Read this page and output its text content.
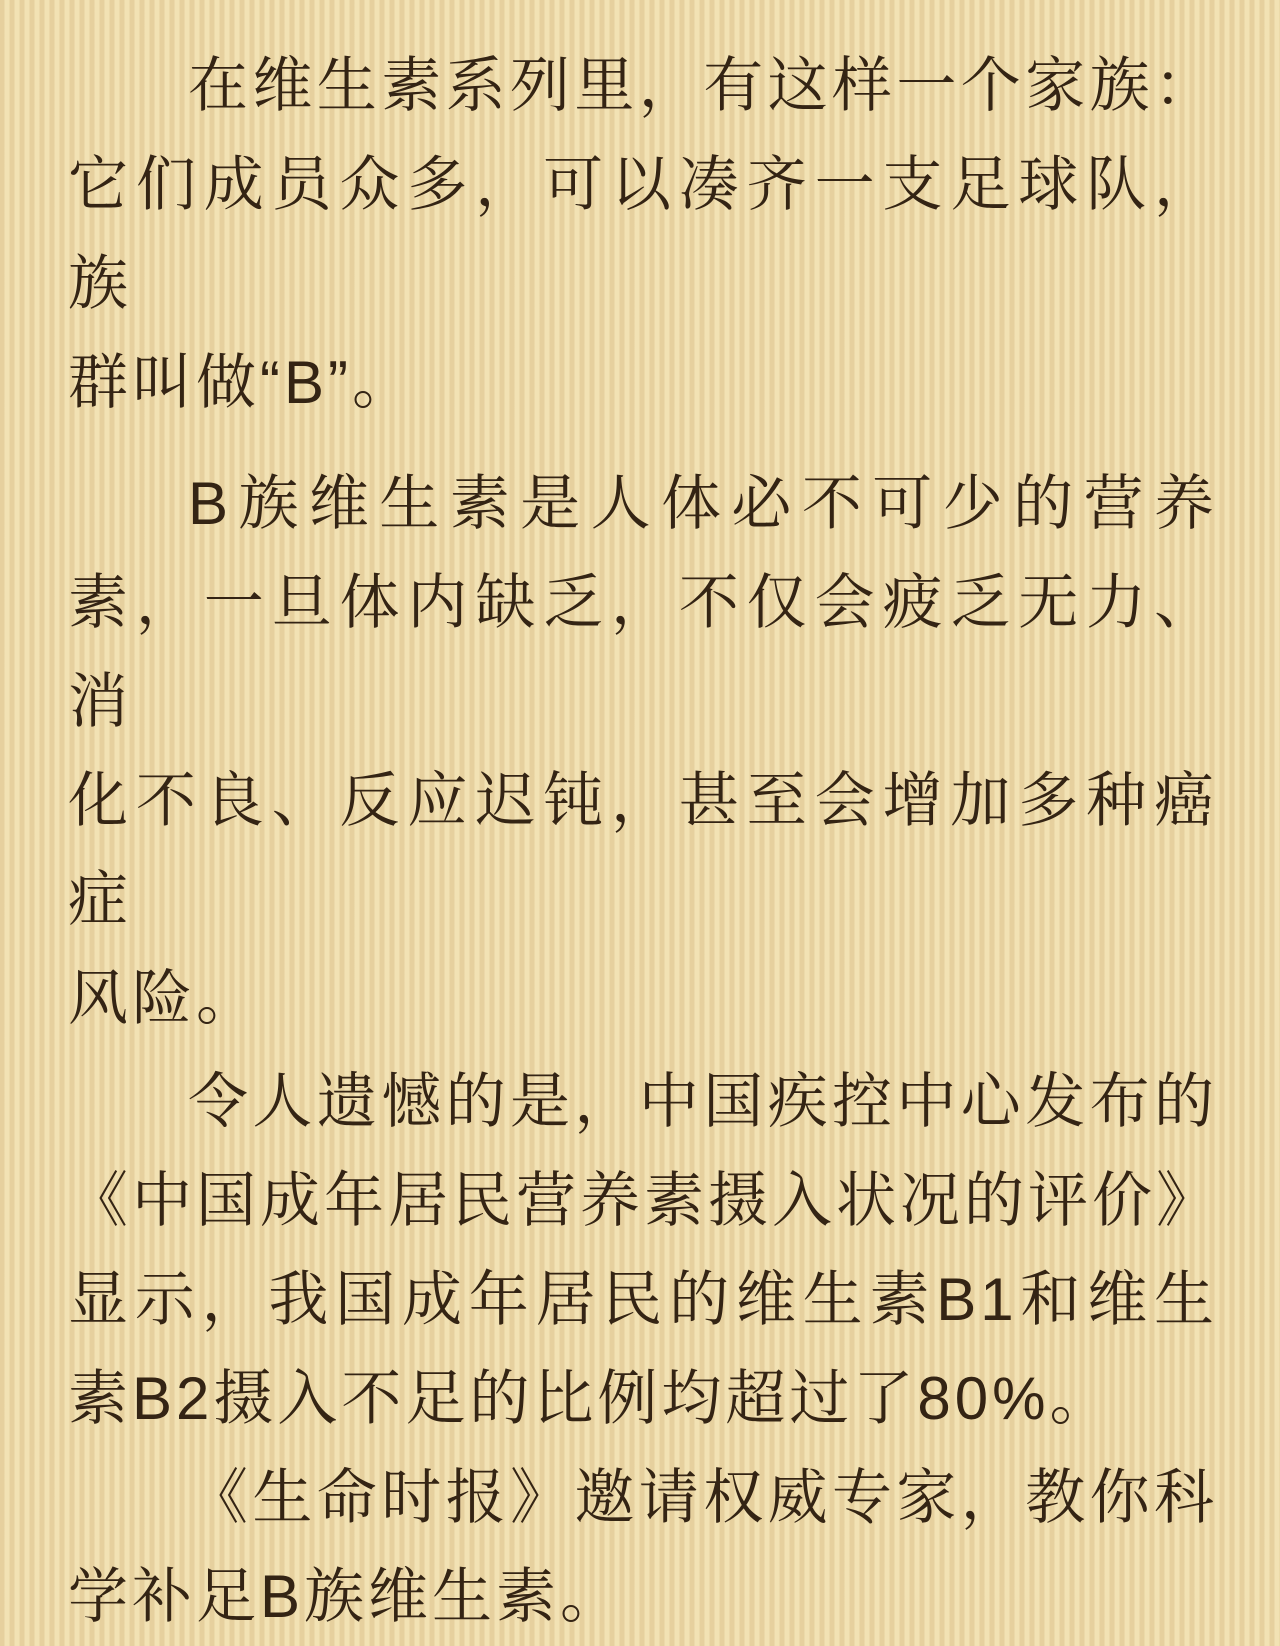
在维生素系列里，有这样一个家族：
它们成员众多，可以凑齐一支足球队，族
群叫做“B”。
B族维生素是人体必不可少的营养
素，一旦体内缺乏，不仅会疲乏无力、消
化不良、反应迟钝，甚至会增加多种癌症
风险。
令人遗憾的是，中国疾控中心发布的
《中国成年居民营养素摄入状况的评价》
显示，我国成年居民的维生素B1和维生
素B2摄入不足的比例均超过了80%。
《生命时报》邀请权威专家，教你科
学补足B族维生素。
